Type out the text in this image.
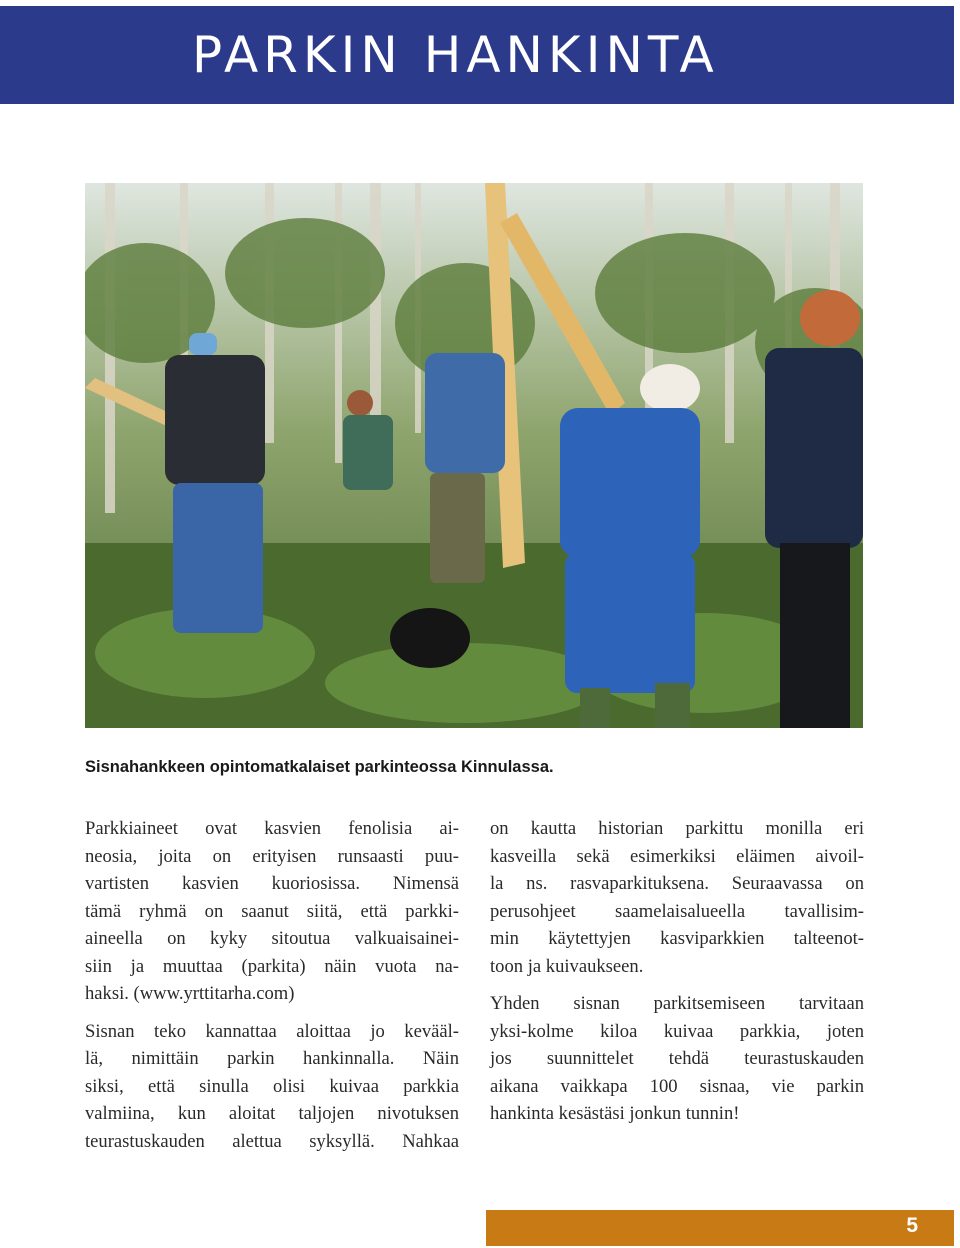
PARKIN HANKINTA
Sisnahankkeen opintomatkalaiset parkinteossa Kinnulassa.

Parkkiaineet ovat kasvien fenolisia ai-
neosia, joita on erityisen runsaasti puu-
vartisten kasvien kuoriosissa. Nimensä
tämä ryhmä on saanut siitä, että parkki-
aineella on kyky sitoutua valkuaisainei-
siin ja muuttaa (parkita) näin vuota na-
haksi. (www.yrttitarha.com)

Sisnan teko kannattaa aloittaa jo kevääl-
lä, nimittäin parkin hankinnalla. Näin
siksi, että sinulla olisi kuivaa parkkia
valmiina, kun aloitat taljojen nivotuksen
teurastuskauden alettua syksyllä. Nahkaa

on kautta historian parkittu monilla eri
kasveilla sekä esimerkiksi eläimen aivoil-
la ns. rasvaparkituksena. Seuraavassa on
perusohjeet saamelaisalueella tavallisim-
min käytettyjen kasviparkkien talteenot-
toon ja kuivaukseen.

Yhden sisnan parkitsemiseen tarvitaan
yksi-kolme kiloa kuivaa parkkia, joten
jos suunnittelet tehdä teurastuskauden
aikana vaikkapa 100 sisnaa, vie parkin
hankinta kesästäsi jonkun tunnin!

5
